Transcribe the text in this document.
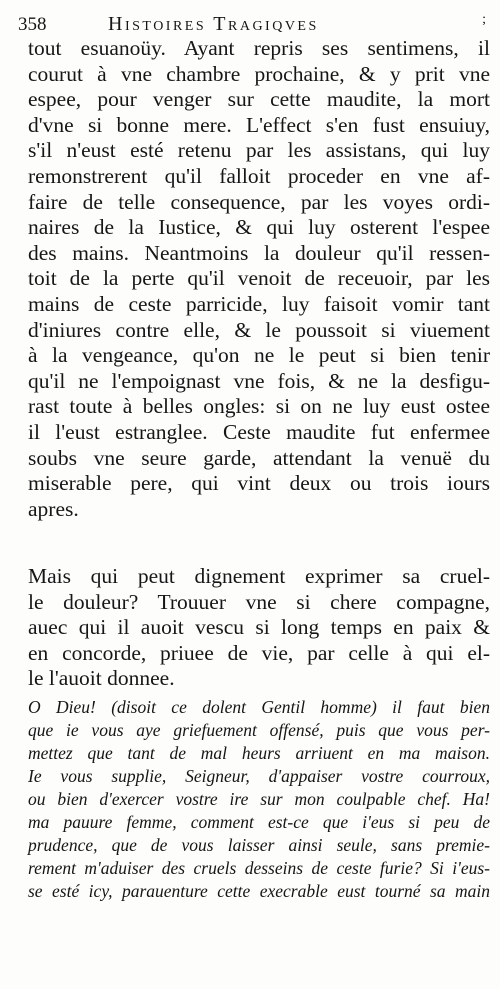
358	Histoires Tragiqves	;
tout esuanoüy. Ayant repris ses sentimens, il
courut à vne chambre prochaine, & y prit vne
espee, pour venger sur cette maudite, la mort
d'vne si bonne mere. L'effect s'en fust ensuiuy,
s'il n'eust esté retenu par les assistans, qui luy
remonstrerent qu'il falloit proceder en vne af-
faire de telle consequence, par les voyes ordi-
naires de la Iustice, & qui luy osterent l'espee
des mains. Neantmoins la douleur qu'il ressen-
toit de la perte qu'il venoit de receuoir, par les
mains de ceste parricide, luy faisoit vomir tant
d'iniures contre elle, & le poussoit si viuement
à la vengeance, qu'on ne le peut si bien tenir
qu'il ne l'empoignast vne fois, & ne la desfigu-
rast toute à belles ongles: si on ne luy eust ostee
il l'eust estranglee. Ceste maudite fut enfermee
soubs vne seure garde, attendant la venuë du
miserable pere, qui vint deux ou trois iours
apres.
Mais qui peut dignement exprimer sa cruel-
le douleur? Trouuer vne si chere compagne,
auec qui il auoit vescu si long temps en paix &
en concorde, priuee de vie, par celle à qui el-
le l'auoit donnee.
O Dieu! (disoit ce dolent Gentil homme) il faut bien
que ie vous aye griefuement offensé, puis que vous per-
mettez que tant de mal heurs arriuent en ma maison.
Ie vous supplie, Seigneur, d'appaiser vostre courroux,
ou bien d'exercer vostre ire sur mon coulpable chef. Ha!
ma pauure femme, comment est-ce que i'eus si peu de
prudence, que de vous laisser ainsi seule, sans premie-
rement m'aduiser des cruels desseins de ceste furie? Si i'eus-
se esté icy, parauenture cette execrable eust tourné sa main
